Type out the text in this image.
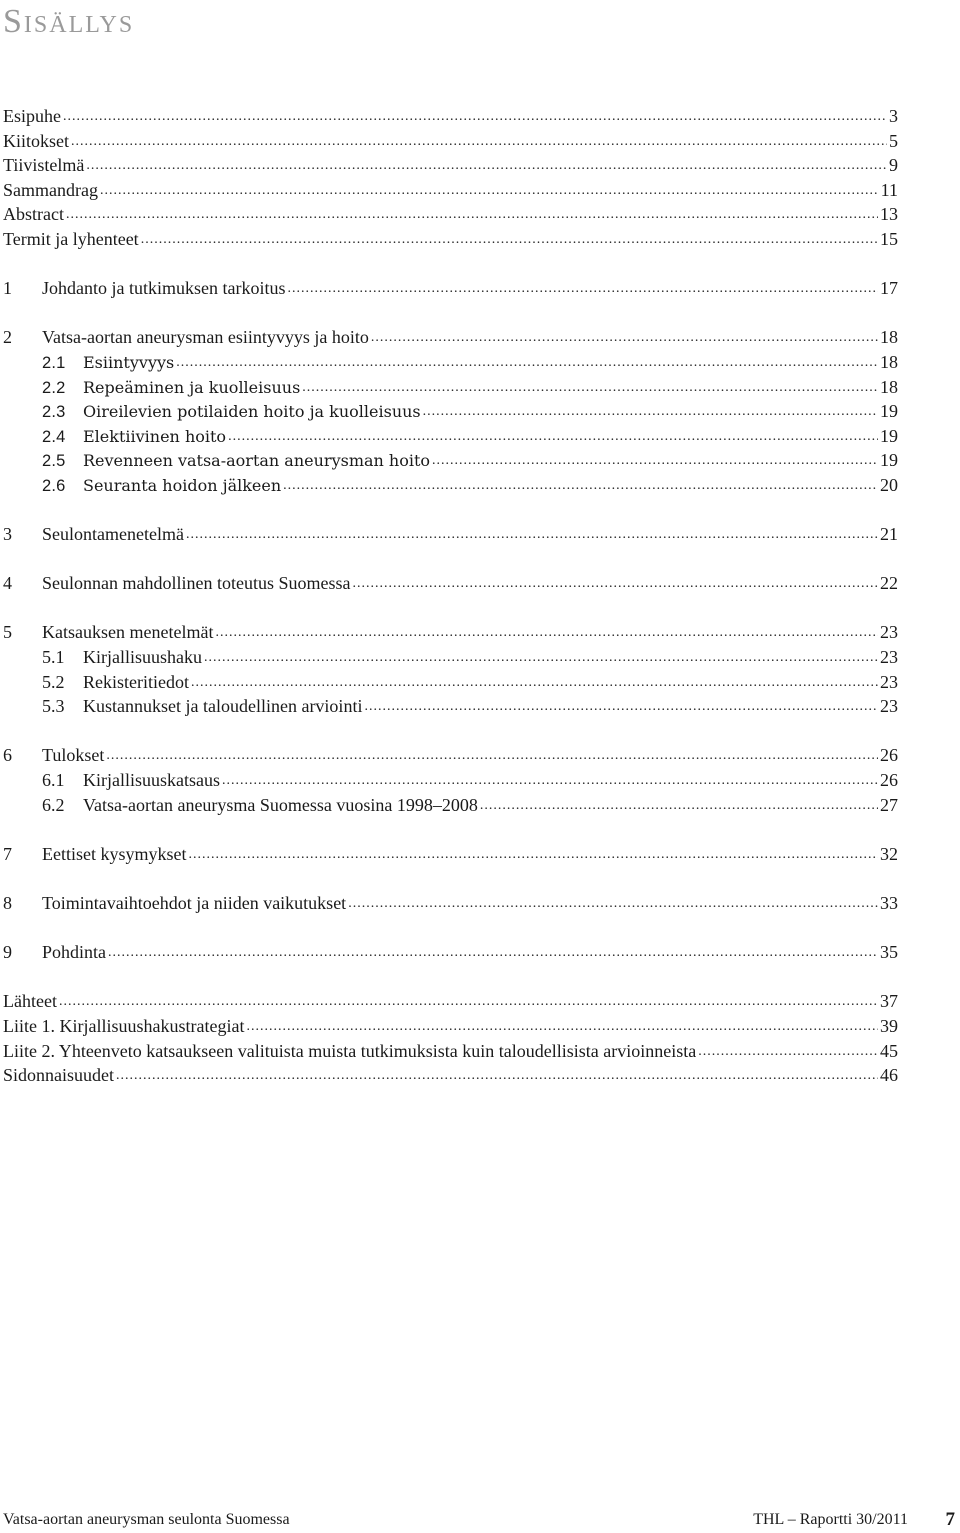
Sisällys
Esipuhe .....	3
Kiitokset .....	5
Tiivistelmä .....	9
Sammandrag .....	11
Abstract .....	13
Termit ja lyhenteet .....	15
1	Johdanto ja tutkimuksen tarkoitus .....	17
2	Vatsa-aortan aneurysman esiintyvyys ja hoito .....	18
2.1	Esiintyvyys .....	18
2.2	Repeäminen ja kuolleisuus .....	18
2.3	Oireilevien potilaiden hoito ja kuolleisuus .....	19
2.4	Elektiivinen hoito .....	19
2.5	Revenneen vatsa-aortan aneurysman hoito .....	19
2.6	Seuranta hoidon jälkeen .....	20
3	Seulontamenetelmä .....	21
4	Seulonnan mahdollinen toteutus Suomessa .....	22
5	Katsauksen menetelmät .....	23
5.1	Kirjallisuushaku .....	23
5.2	Rekisteritiedot .....	23
5.3	Kustannukset ja taloudellinen arviointi .....	23
6	Tulokset .....	26
6.1	Kirjallisuuskatsaus .....	26
6.2	Vatsa-aortan aneurysma Suomessa vuosina 1998–2008 .....	27
7	Eettiset kysymykset .....	32
8	Toimintavaihtoehdot ja niiden vaikutukset .....	33
9	Pohdinta .....	35
Lähteet .....	37
Liite 1. Kirjallisuushakustrategiat .....	39
Liite 2. Yhteenveto katsaukseen valituista muista tutkimuksista kuin taloudellisista arvioinneista .....	45
Sidonnaisuudet .....	46
Vatsa-aortan aneurysman seulonta Suomessa	THL – Raportti 30/2011 7
